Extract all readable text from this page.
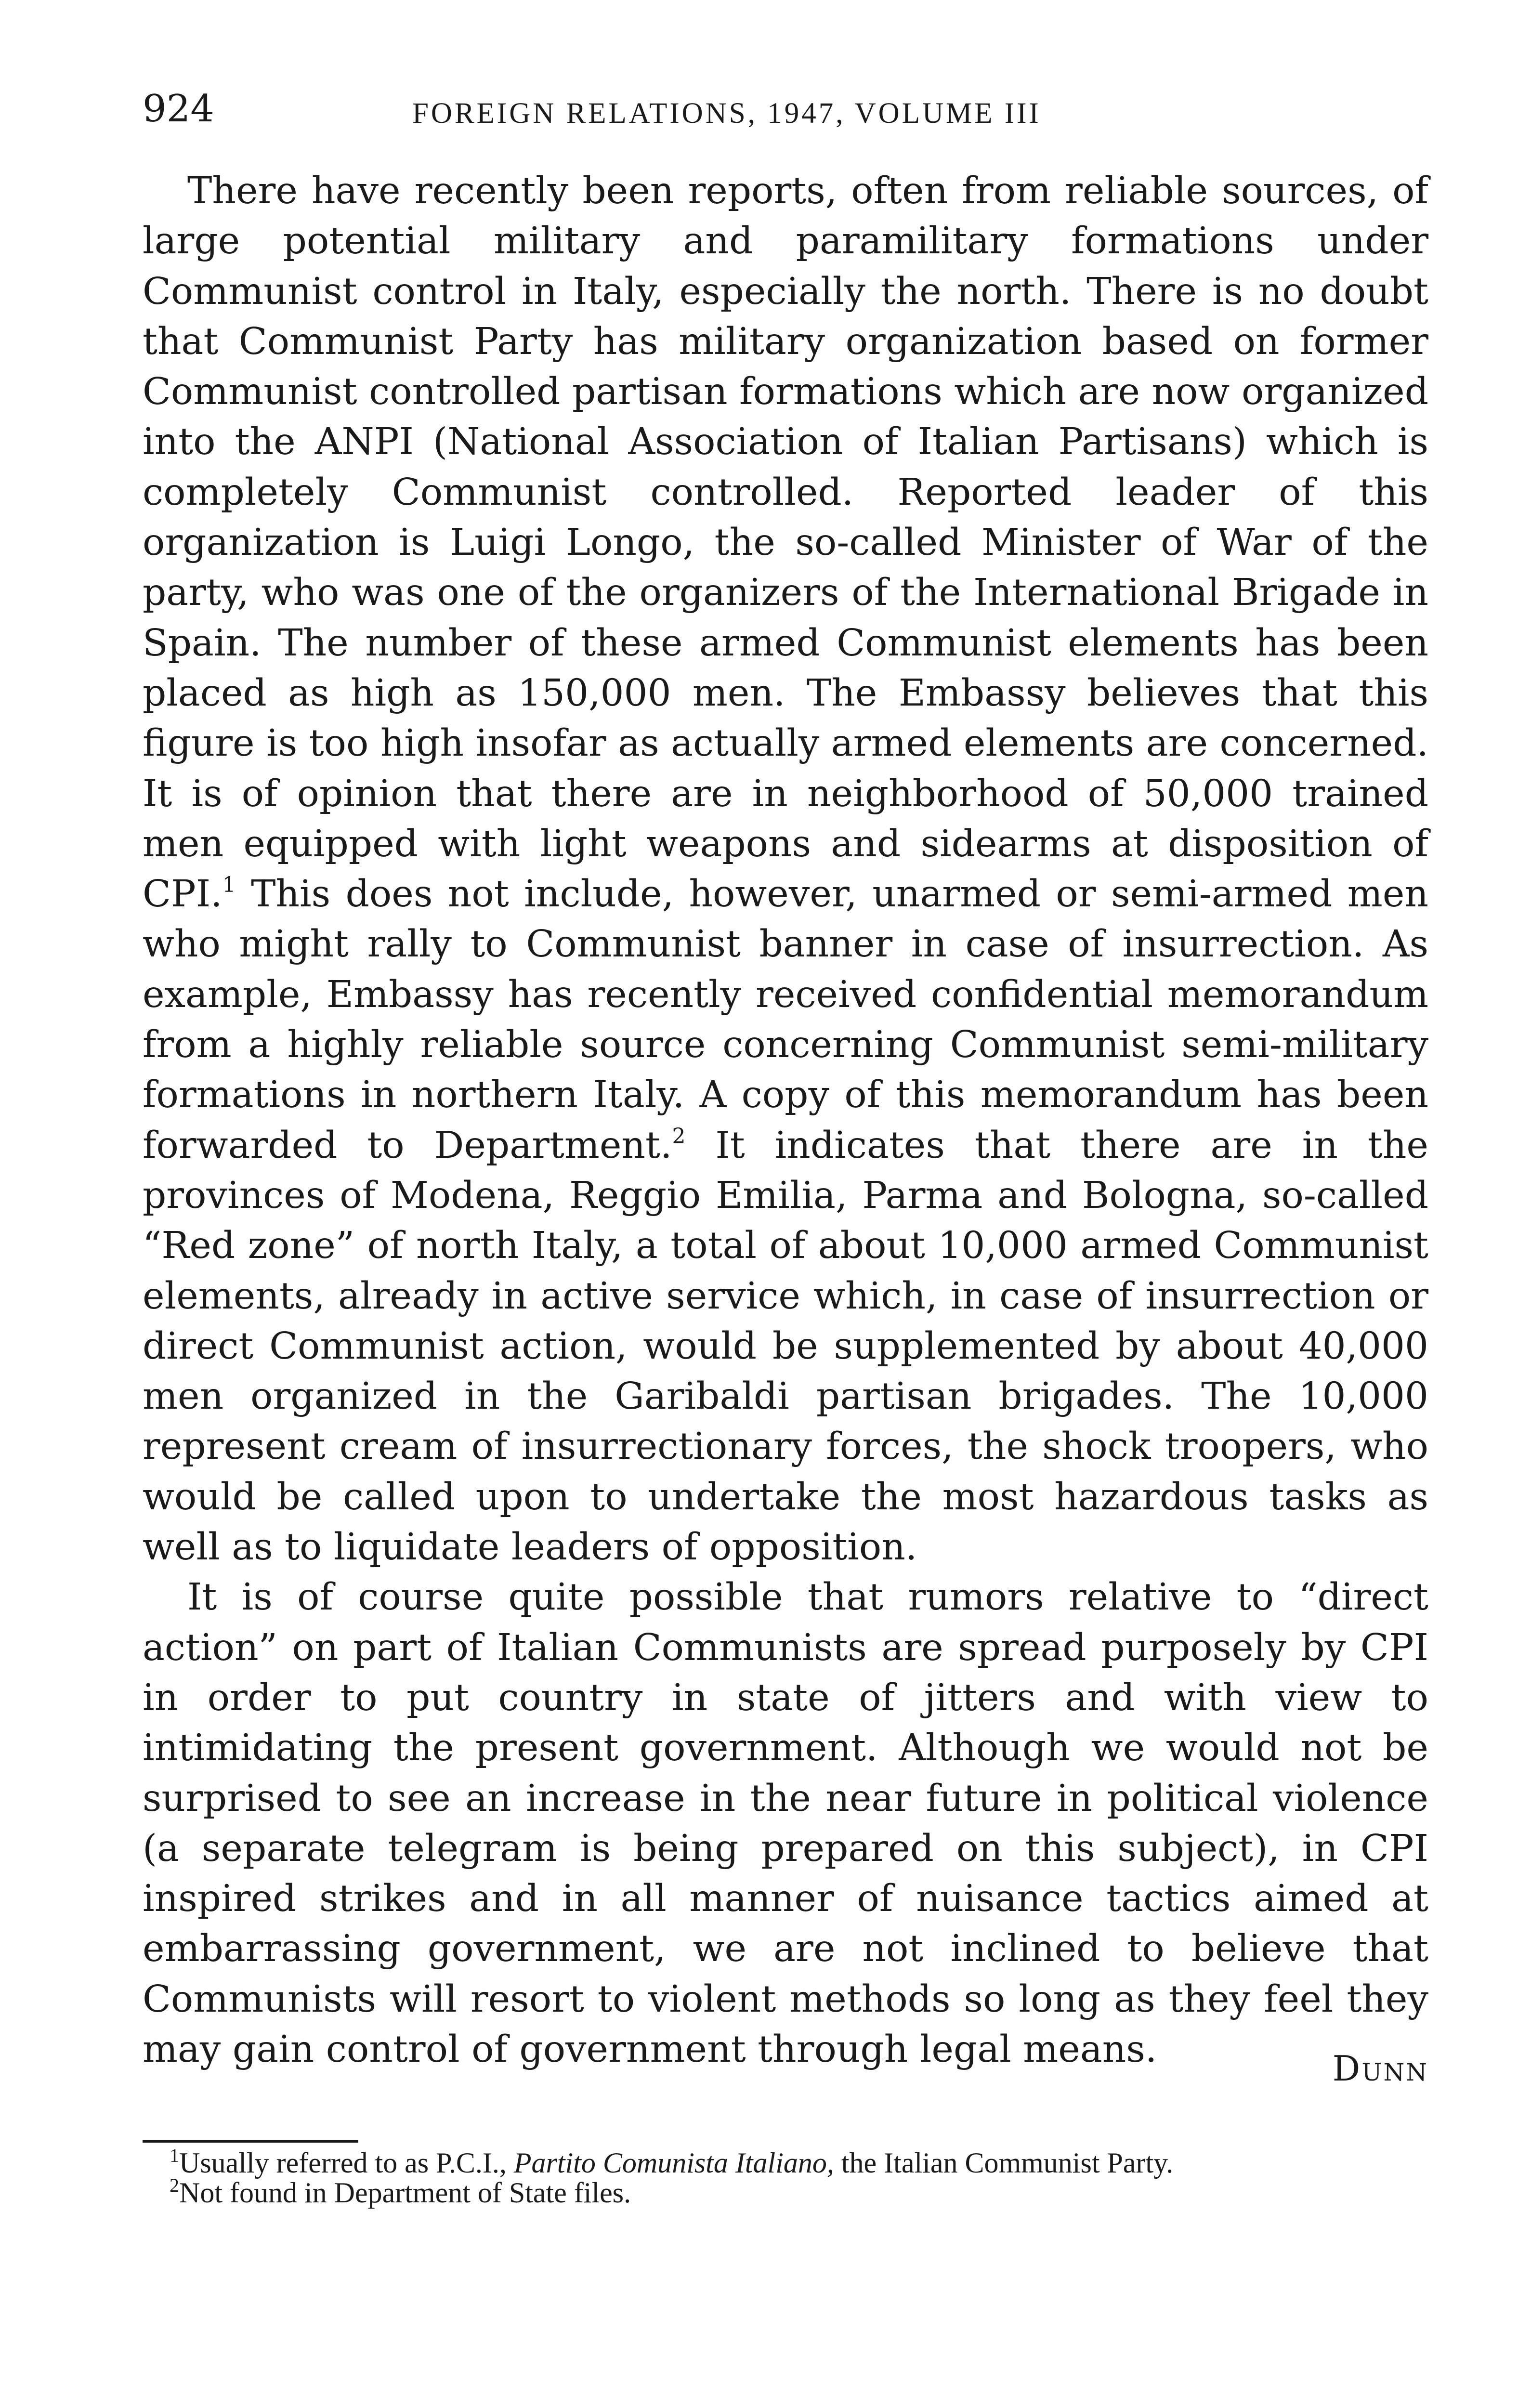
924	FOREIGN RELATIONS, 1947, VOLUME III

There have recently been reports, often from reliable sources, of large potential military and paramilitary formations under Communist control in Italy, especially the north. There is no doubt that Communist Party has military organization based on former Communist controlled partisan formations which are now organized into the ANPI (National Association of Italian Partisans) which is completely Communist controlled. Reported leader of this organization is Luigi Longo, the so-called Minister of War of the party, who was one of the organizers of the International Brigade in Spain. The number of these armed Communist elements has been placed as high as 150,000 men. The Embassy believes that this figure is too high insofar as actually armed elements are concerned. It is of opinion that there are in neighborhood of 50,000 trained men equipped with light weapons and sidearms at disposition of CPI.$^1$ This does not include, however, unarmed or semi-armed men who might rally to Communist banner in case of insurrection. As example, Embassy has recently received confidential memorandum from a highly reliable source concerning Communist semi-military formations in northern Italy. A copy of this memorandum has been forwarded to Department.$^2$ It indicates that there are in the provinces of Modena, Reggio Emilia, Parma and Bologna, so-called “Red zone” of north Italy, a total of about 10,000 armed Communist elements, already in active service which, in case of insurrection or direct Communist action, would be supplemented by about 40,000 men organized in the Garibaldi partisan brigades. The 10,000 represent cream of insurrectionary forces, the shock troopers, who would be called upon to undertake the most hazardous tasks as well as to liquidate leaders of opposition.

It is of course quite possible that rumors relative to “direct action” on part of Italian Communists are spread purposely by CPI in order to put country in state of jitters and with view to intimidating the present government. Although we would not be surprised to see an increase in the near future in political violence (a separate telegram is being prepared on this subject), in CPI inspired strikes and in all manner of nuisance tactics aimed at embarrassing government, we are not inclined to believe that Communists will resort to violent methods so long as they feel they may gain control of government through legal means.	Dunn

$^1$Usually referred to as P.C.I., Partito Comunista Italiano, the Italian Communist Party.

$^2$Not found in Department of State files.
